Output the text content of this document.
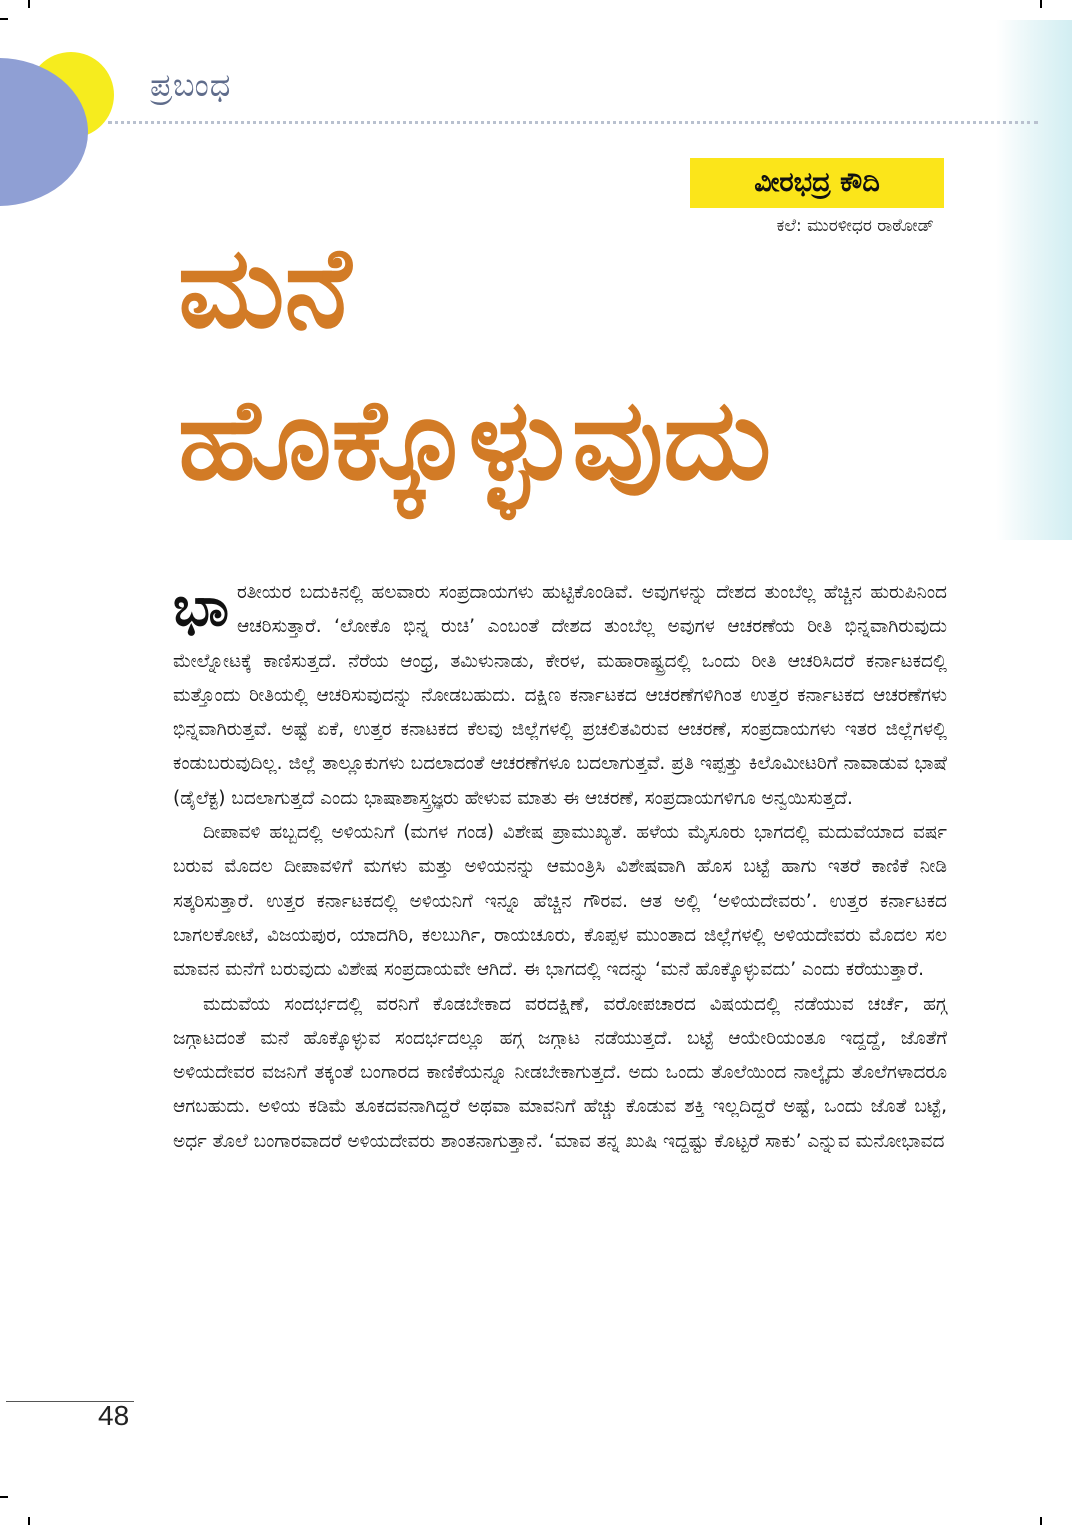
ಪ್ರಬಂಧ
ವೀರಭದ್ರ ಕೌದಿ
ಕಲೆ: ಮುರಳೀಧರ ರಾಠೋಡ್
ಮನೆ
ಹೊಕ್ಕೊಳ್ಳುವುದು

ಭಾರತೀಯರ ಬದುಕಿನಲ್ಲಿ ಹಲವಾರು ಸಂಪ್ರದಾಯಗಳು ಹುಟ್ಟಿಕೊಂಡಿವೆ. ಅವುಗಳನ್ನು ದೇಶದ ತುಂಬೆಲ್ಲ ಹೆಚ್ಚಿನ ಹುರುಪಿನಿಂದ ಆಚರಿಸುತ್ತಾರೆ. ‘ಲೋಕೊ ಭಿನ್ನ ರುಚಿ’ ಎಂಬಂತೆ ದೇಶದ ತುಂಬೆಲ್ಲ ಅವುಗಳ ಆಚರಣೆಯ ರೀತಿ ಭಿನ್ನವಾಗಿರುವುದು ಮೇಲ್ನೋಟಕ್ಕೆ ಕಾಣಿಸುತ್ತದೆ. ನೆರೆಯ ಆಂಧ್ರ, ತಮಿಳುನಾಡು, ಕೇರಳ, ಮಹಾರಾಷ್ಟ್ರದಲ್ಲಿ ಒಂದು ರೀತಿ ಆಚರಿಸಿದರೆ ಕರ್ನಾಟಕದಲ್ಲಿ ಮತ್ತೊಂದು ರೀತಿಯಲ್ಲಿ ಆಚರಿಸುವುದನ್ನು ನೋಡಬಹುದು. ದಕ್ಷಿಣ ಕರ್ನಾಟಕದ ಆಚರಣೆಗಳಿಗಿಂತ ಉತ್ತರ ಕರ್ನಾಟಕದ ಆಚರಣೆಗಳು ಭಿನ್ನವಾಗಿರುತ್ತವೆ. ಅಷ್ಟೆ ಏಕೆ, ಉತ್ತರ ಕನಾಟಕದ ಕೆಲವು ಜಿಲ್ಲೆಗಳಲ್ಲಿ ಪ್ರಚಲಿತವಿರುವ ಆಚರಣೆ, ಸಂಪ್ರದಾಯಗಳು ಇತರ ಜಿಲ್ಲೆಗಳಲ್ಲಿ ಕಂಡುಬರುವುದಿಲ್ಲ. ಜಿಲ್ಲೆ ತಾಲ್ಲೂಕುಗಳು ಬದಲಾದಂತೆ ಆಚರಣೆಗಳೂ ಬದಲಾಗುತ್ತವೆ. ಪ್ರತಿ ಇಪ್ಪತ್ತು ಕಿಲೊಮೀಟರಿಗೆ ನಾವಾಡುವ ಭಾಷೆ (ಡೈಲೆಕ್ಟ) ಬದಲಾಗುತ್ತದೆ ಎಂದು ಭಾಷಾಶಾಸ್ತ್ರಜ್ಞರು ಹೇಳುವ ಮಾತು ಈ ಆಚರಣೆ, ಸಂಪ್ರದಾಯಗಳಿಗೂ ಅನ್ವಯಿಸುತ್ತದೆ.

ದೀಪಾವಳಿ ಹಬ್ಬದಲ್ಲಿ ಅಳಿಯನಿಗೆ (ಮಗಳ ಗಂಡ) ವಿಶೇಷ ಪ್ರಾಮುಖ್ಯತೆ. ಹಳೆಯ ಮೈಸೂರು ಭಾಗದಲ್ಲಿ ಮದುವೆಯಾದ ವರ್ಷ ಬರುವ ಮೊದಲ ದೀಪಾವಳಿಗೆ ಮಗಳು ಮತ್ತು ಅಳಿಯನನ್ನು ಆಮಂತ್ರಿಸಿ ವಿಶೇಷವಾಗಿ ಹೊಸ ಬಟ್ಟೆ ಹಾಗು ಇತರೆ ಕಾಣಿಕೆ ನೀಡಿ ಸತ್ಕರಿಸುತ್ತಾರೆ. ಉತ್ತರ ಕರ್ನಾಟಕದಲ್ಲಿ ಅಳಿಯನಿಗೆ ಇನ್ನೂ ಹೆಚ್ಚಿನ ಗೌರವ. ಆತ ಅಲ್ಲಿ ‘ಅಳಿಯದೇವರು’. ಉತ್ತರ ಕರ್ನಾಟಕದ ಬಾಗಲಕೋಟೆ, ವಿಜಯಪುರ, ಯಾದಗಿರಿ, ಕಲಬುರ್ಗಿ, ರಾಯಚೂರು, ಕೊಪ್ಪಳ ಮುಂತಾದ ಜಿಲ್ಲೆಗಳಲ್ಲಿ ಅಳಿಯದೇವರು ಮೊದಲ ಸಲ ಮಾವನ ಮನೆಗೆ ಬರುವುದು ವಿಶೇಷ ಸಂಪ್ರದಾಯವೇ ಆಗಿದೆ. ಈ ಭಾಗದಲ್ಲಿ ಇದನ್ನು ‘ಮನೆ ಹೊಕ್ಕೊಳ್ಳುವದು’ ಎಂದು ಕರೆಯುತ್ತಾರೆ.

ಮದುವೆಯ ಸಂದರ್ಭದಲ್ಲಿ ವರನಿಗೆ ಕೊಡಬೇಕಾದ ವರದಕ್ಷಿಣೆ, ವರೋಪಚಾರದ ವಿಷಯದಲ್ಲಿ ನಡೆಯುವ ಚರ್ಚೆ, ಹಗ್ಗ ಜಗ್ಗಾಟದಂತೆ ಮನೆ ಹೊಕ್ಕೊಳ್ಳುವ ಸಂದರ್ಭದಲ್ಲೂ ಹಗ್ಗ ಜಗ್ಗಾಟ ನಡೆಯುತ್ತದೆ. ಬಟ್ಟೆ ಆಯೇರಿಯಂತೂ ಇದ್ದದ್ದೆ, ಜೊತೆಗೆ ಅಳಿಯದೇವರ ವಜನಿಗೆ ತಕ್ಕಂತೆ ಬಂಗಾರದ ಕಾಣಿಕೆಯನ್ನೂ ನೀಡಬೇಕಾಗುತ್ತದೆ. ಅದು ಒಂದು ತೊಲೆಯಿಂದ ನಾಲ್ಕೈದು ತೊಲೆಗಳಾದರೂ ಆಗಬಹುದು. ಅಳಿಯ ಕಡಿಮೆ ತೂಕದವನಾಗಿದ್ದರೆ ಅಥವಾ ಮಾವನಿಗೆ ಹೆಚ್ಚು ಕೊಡುವ ಶಕ್ತಿ ಇಲ್ಲದಿದ್ದರೆ ಅಷ್ಟೆ, ಒಂದು ಜೊತೆ ಬಟ್ಟೆ, ಅರ್ಧ ತೊಲೆ ಬಂಗಾರವಾದರೆ ಅಳಿಯದೇವರು ಶಾಂತನಾಗುತ್ತಾನೆ. ‘ಮಾವ ತನ್ನ ಖುಷಿ ಇದ್ದಷ್ಟು ಕೊಟ್ಟರೆ ಸಾಕು’ ಎನ್ನುವ ಮನೋಭಾವದ

48
